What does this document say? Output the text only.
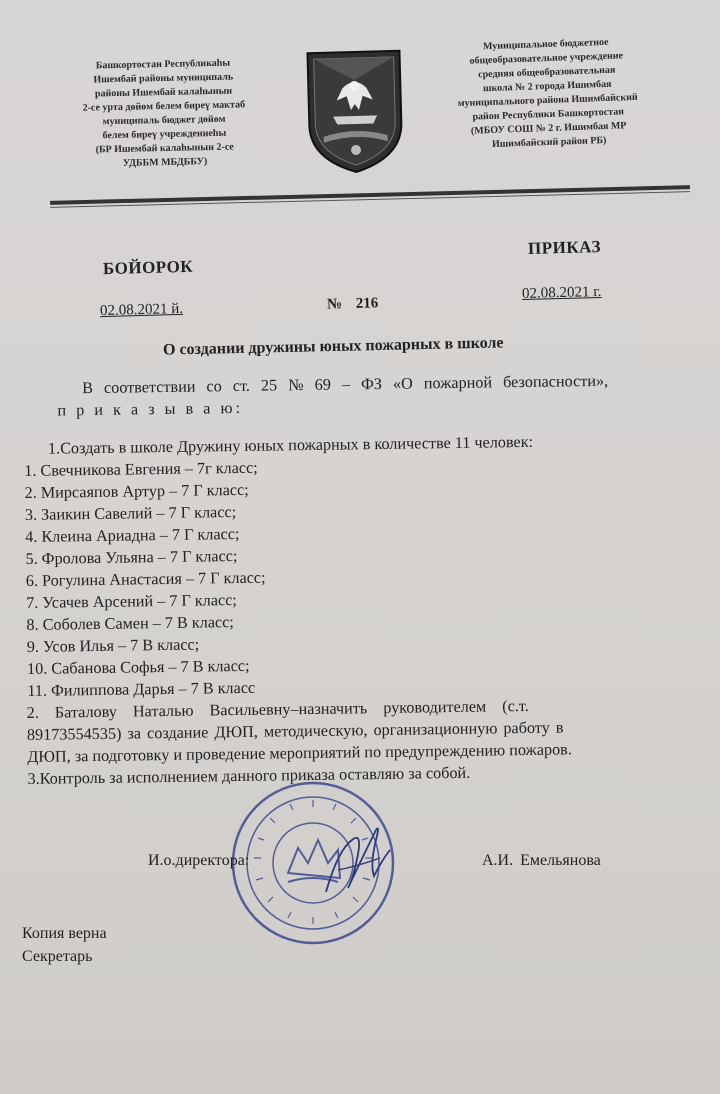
Башкортостан Республикаһы
Ишембай районы муниципаль
районы Ишембай калаһынын
2-се урта дөйөм белем бирeү мактаб
муниципаль бюджет дөйөм
белем бирeү учреждениеһы
(БР Ишембай калаһынын 2-се
УДББМ МБДББУ)
Муниципальное бюджетное
общеобразовательное учреждение
средняя общеобразовательная
школа № 2 города Ишимбая
муниципального района Ишимбайский
район Республики Башкортостан
(МБОУ СОШ № 2 г. Ишимбая МР
Ишимбайский район РБ)
БОЙОРОК
ПРИКАЗ
02.08.2021 й.	№ 216
02.08.2021 г.
О создании дружины юных пожарных в школе
В соответствии со ст. 25 № 69 – ФЗ «О пожарной безопасности»,
п р и к а з ы в а ю:
1.Создать в школе Дружину юных пожарных в количестве 11 человек:
1. Свечникова Евгения – 7г класс;
2. Мирсаяпов Артур – 7 Г класс;
3. Заикин Савелий – 7 Г класс;
4. Клеина Ариадна – 7 Г класс;
5. Фролова Ульяна – 7 Г класс;
6. Рогулина Анастасия – 7 Г класс;
7. Усачев Арсений – 7 Г класс;
8. Соболев Самен – 7 В класс;
9. Усов Илья – 7 В класс;
10. Сабанова Софья – 7 В класс;
11. Филиппова Дарья – 7 В класс
2. Баталову Наталью Васильевну–назначить руководителем (с.т.
89173554535) за создание ДЮП, методическую, организационную работу в
ДЮП, за подготовку и проведение мероприятий по предупреждению пожаров.
3.Контроль за исполнением данного приказа оставляю за собой.
И.о.директора:	А.И. Емельянова
Копия верна
Секретарь
